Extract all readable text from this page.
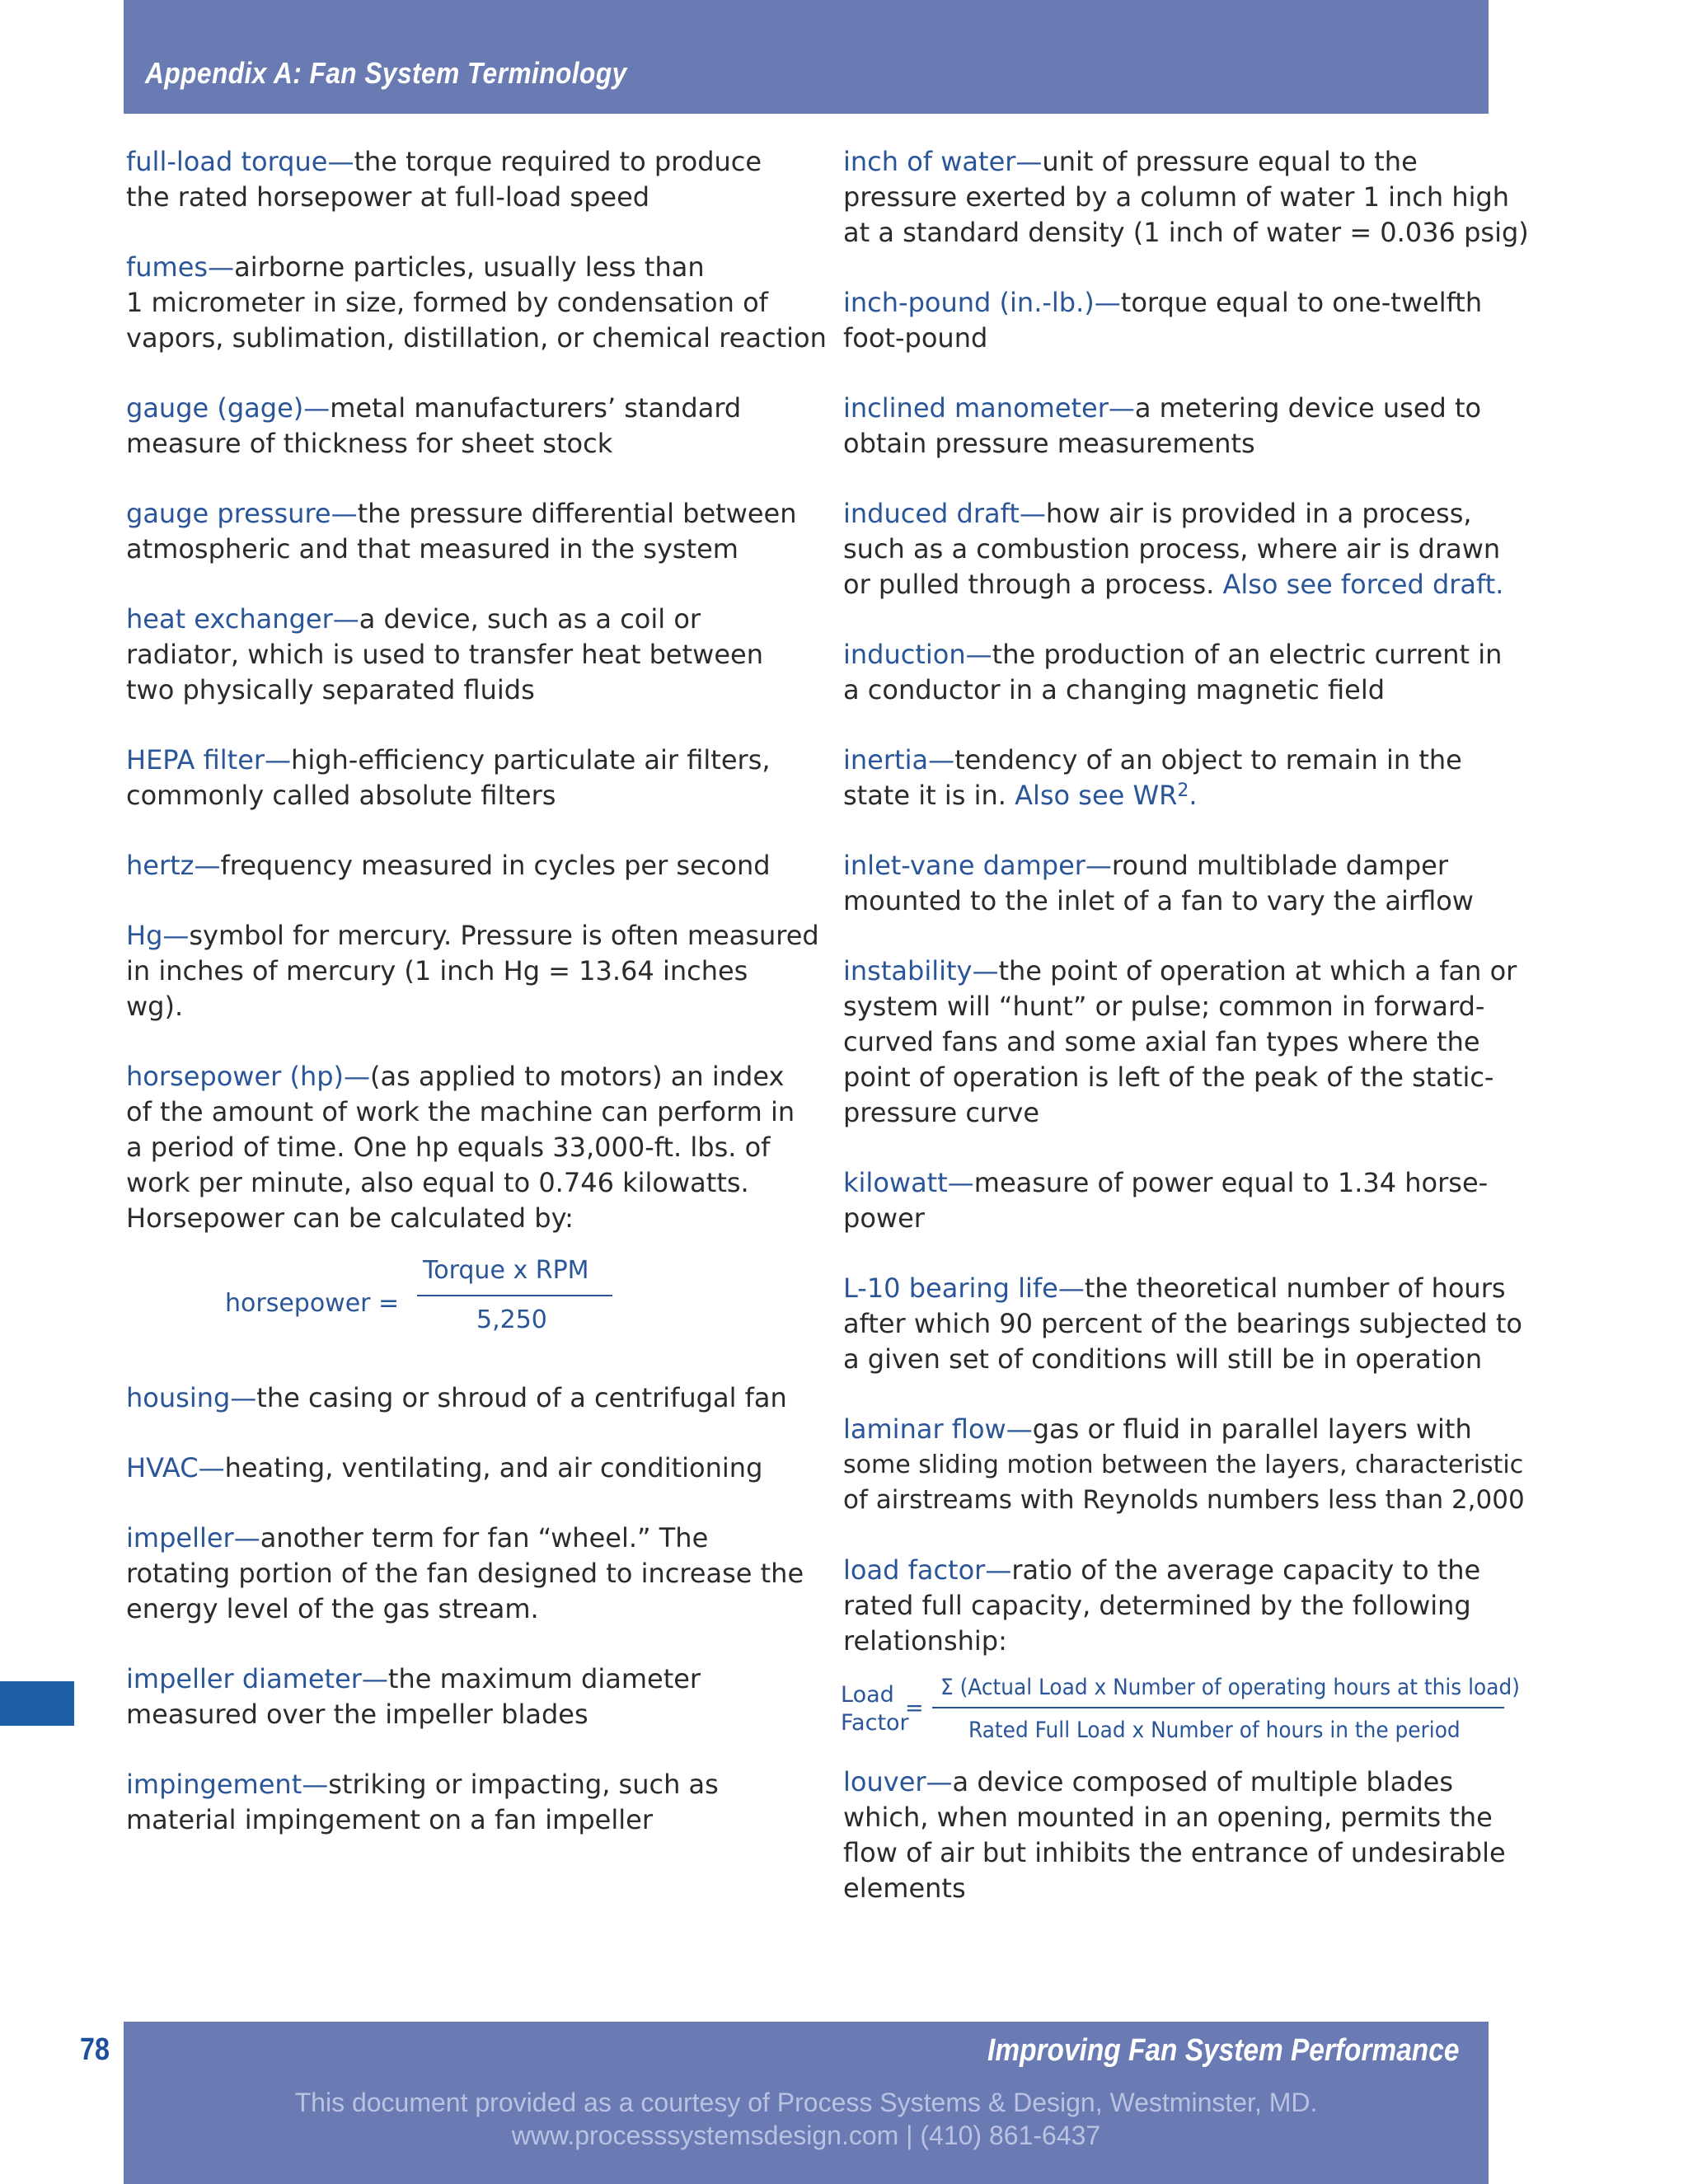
Appendix A: Fan System Terminology
full-load torque—the torque required to produce
the rated horsepower at full-load speed
fumes—airborne particles, usually less than
1 micrometer in size, formed by condensation of
vapors, sublimation, distillation, or chemical reaction
gauge (gage)—metal manufacturers’ standard
measure of thickness for sheet stock
gauge pressure—the pressure differential between
atmospheric and that measured in the system
heat exchanger—a device, such as a coil or
radiator, which is used to transfer heat between
two physically separated fluids
HEPA filter—high-efficiency particulate air filters,
commonly called absolute filters
hertz—frequency measured in cycles per second
Hg—symbol for mercury. Pressure is often measured
in inches of mercury (1 inch Hg = 13.64 inches
wg).
horsepower (hp)—(as applied to motors) an index
of the amount of work the machine can perform in
a period of time. One hp equals 33,000-ft. lbs. of
work per minute, also equal to 0.746 kilowatts.
Horsepower can be calculated by:
horsepower =
Torque x RPM
5,250
housing—the casing or shroud of a centrifugal fan
HVAC—heating, ventilating, and air conditioning
impeller—another term for fan “wheel.” The
rotating portion of the fan designed to increase the
energy level of the gas stream.
impeller diameter—the maximum diameter
measured over the impeller blades
impingement—striking or impacting, such as
material impingement on a fan impeller
inch of water—unit of pressure equal to the
pressure exerted by a column of water 1 inch high
at a standard density (1 inch of water = 0.036 psig)
inch-pound (in.-lb.)—torque equal to one-twelfth
foot-pound
inclined manometer—a metering device used to
obtain pressure measurements
induced draft—how air is provided in a process,
such as a combustion process, where air is drawn
or pulled through a process. Also see forced draft.
induction—the production of an electric current in
a conductor in a changing magnetic field
inertia—tendency of an object to remain in the
state it is in. Also see WR$^2$.
inlet-vane damper—round multiblade damper
mounted to the inlet of a fan to vary the airflow
instability—the point of operation at which a fan or
system will “hunt” or pulse; common in forward-
curved fans and some axial fan types where the
point of operation is left of the peak of the static-
pressure curve
kilowatt—measure of power equal to 1.34 horse-
power
L-10 bearing life—the theoretical number of hours
after which 90 percent of the bearings subjected to
a given set of conditions will still be in operation
laminar flow—gas or fluid in parallel layers with
some sliding motion between the layers, characteristic
of airstreams with Reynolds numbers less than 2,000
load factor—ratio of the average capacity to the
rated full capacity, determined by the following
relationship:
Load
Factor
=
Σ (Actual Load x Number of operating hours at this load)
Rated Full Load x Number of hours in the period
louver—a device composed of multiple blades
which, when mounted in an opening, permits the
flow of air but inhibits the entrance of undesirable
elements
78	Improving Fan System Performance
This document provided as a courtesy of Process Systems & Design, Westminster, MD.
www.processsystemsdesign.com | (410) 861-6437
